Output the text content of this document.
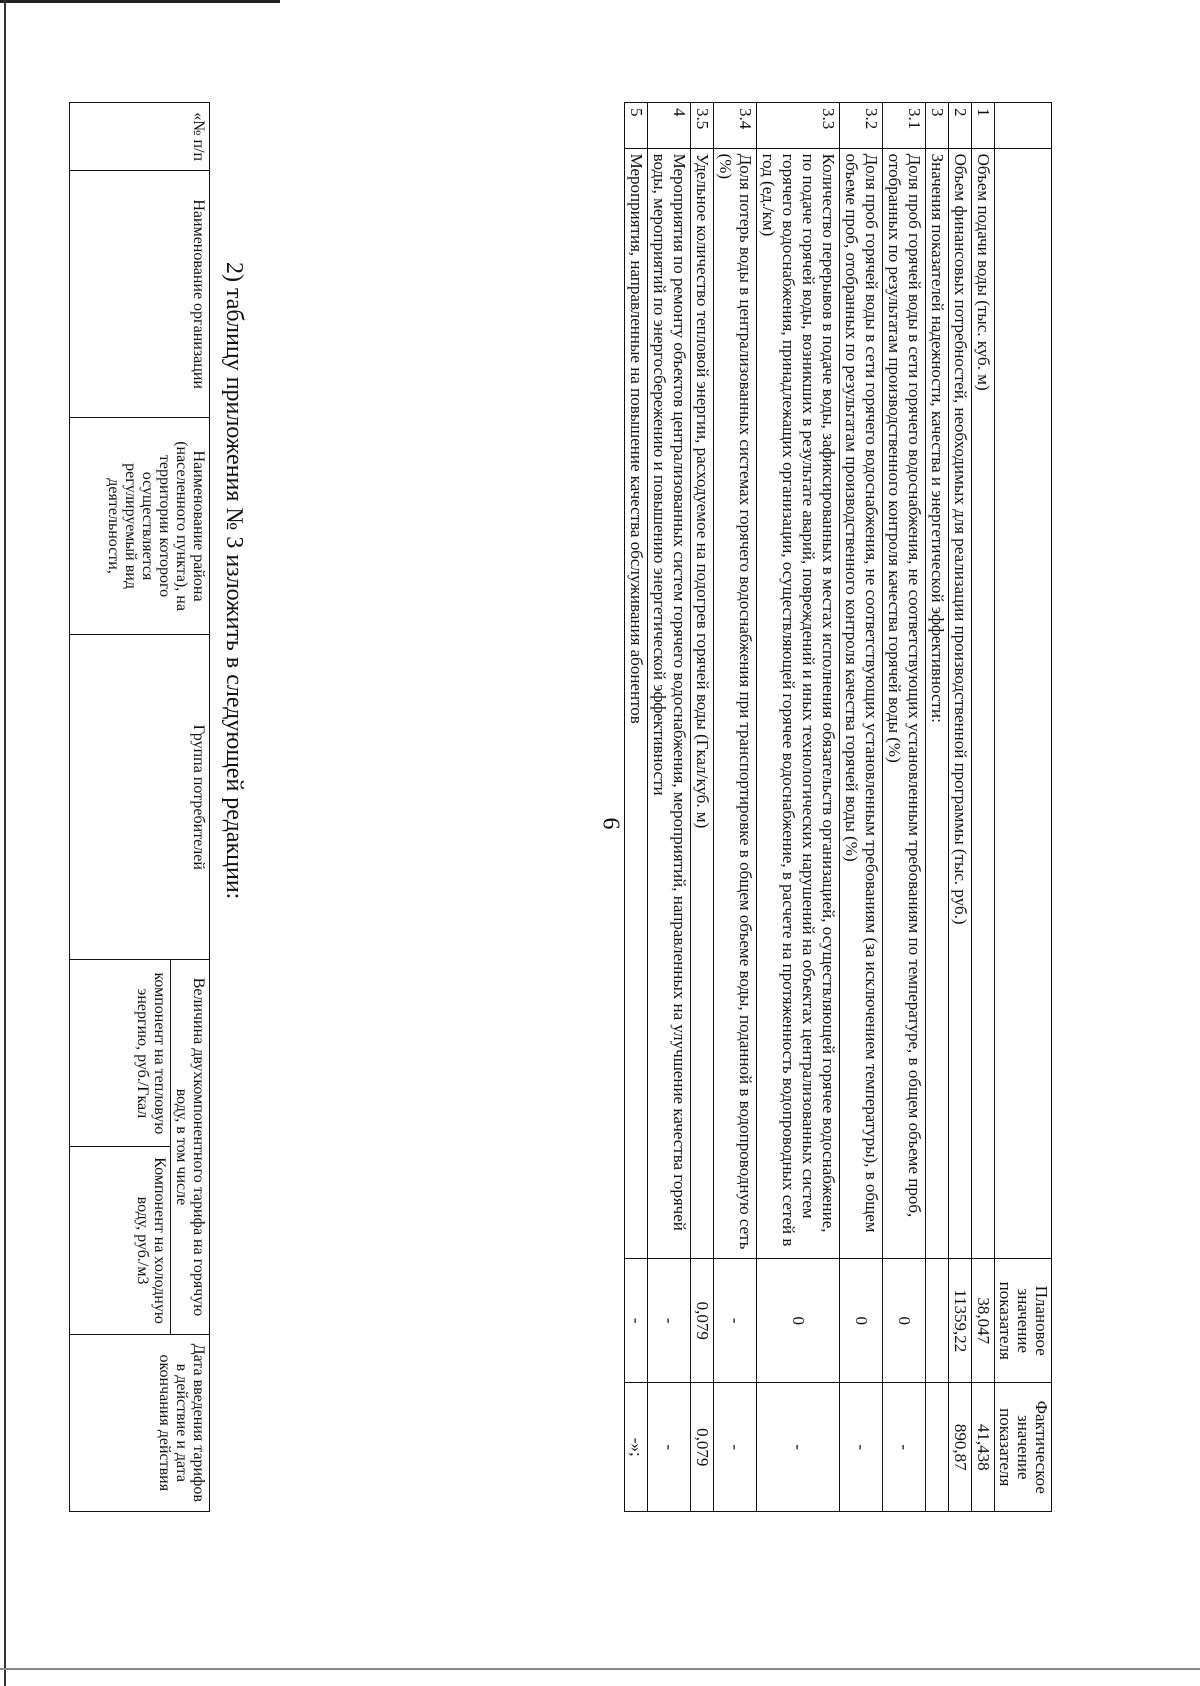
6
		Плановое значение показателя	Фактическое значение показателя
1	Объем подачи воды (тыс. куб. м)	38,047	41,438
2	Объем финансовых потребностей, необходимых для реализации производственной программы (тыс. руб.)	11359,22	890,87
3	Значения показателей надежности, качества и энергетической эффективности:		
3.1	Доля проб горячей воды в сети горячего водоснабжения, не соответствующих установленным требованиям по температуре, в общем объеме проб, отобранных по результатам производственного контроля качества горячей воды (%)	0	-
3.2	Доля проб горячей воды в сети горячего водоснабжения, не соответствующих установленным требованиям (за исключением температуры), в общем объеме проб, отобранных по результатам производственного контроля качества горячей воды (%)	0	-
3.3	Количество перерывов в подаче воды, зафиксированных в местах исполнения обязательств организацией, осуществляющей горячее водоснабжение, по подаче горячей воды, возникших в результате аварий, повреждений и иных технологических нарушений на объектах централизованных систем горячего водоснабжения, принадлежащих организации, осуществляющей горячее водоснабжение, в расчете на протяженность водопроводных сетей в год (ед./км)	0	-
3.4	Доля потерь воды в централизованных системах горячего водоснабжения при транспортировке в общем объеме воды, поданной в водопроводную сеть (%)	-	-
3.5	Удельное количество тепловой энергии, расходуемое на подогрев горячей воды (Гкал/куб. м)	0,079	0,079
4	Мероприятия по ремонту объектов централизованных систем горячего водоснабжения, мероприятий, направленных на улучшение качества горячей воды, мероприятий по энергосбережению и повышению энергетической эффективности	-	-
5	Мероприятия, направленные на повышение качества обслуживания абонентов	-	-»;
2) таблицу приложения № 3 изложить в следующей редакции:
«№ п/п	Наименование организации	Наименование района (населенного пункта), на территории которого осуществляется регулируемый вид деятельности,	Группа потребителей	Величина двухкомпонентного тарифа на горячую воду, в том числе		Дата введения тарифов в действие и дата окончания действия
				компонент на тепловую энергию, руб./Гкал	Компонент на холодную воду, руб./м3	
